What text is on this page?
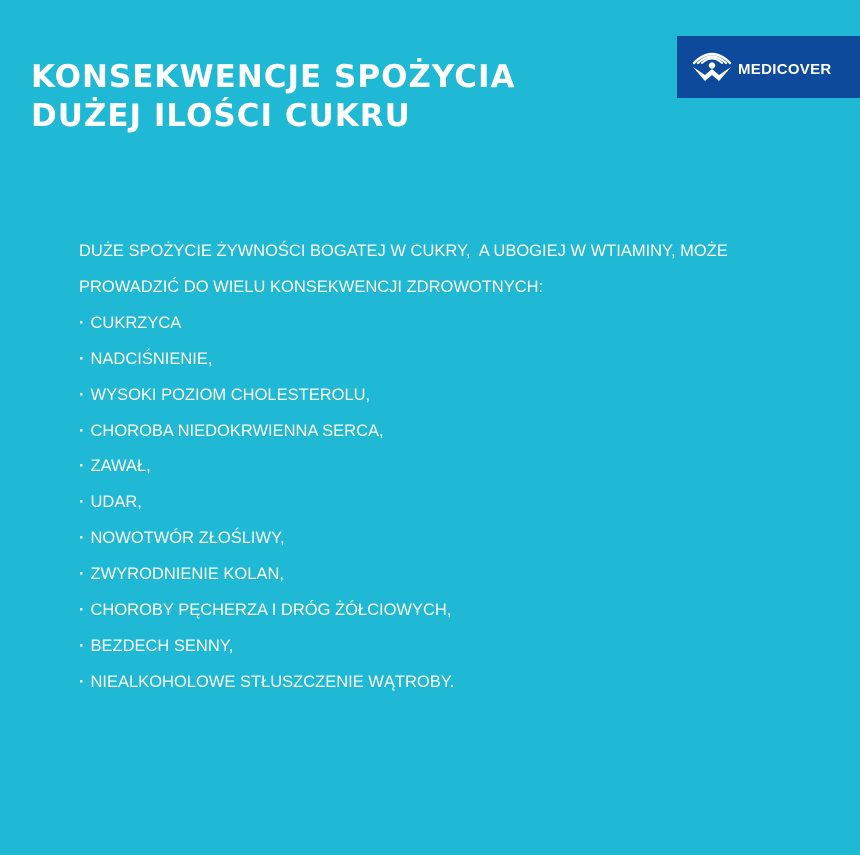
KONSEKWENCJE SPOŻYCIA
DUŻEJ ILOŚCI CUKRU
MEDICOVER

DUŻE SPOŻYCIE ŻYWNOŚCI BOGATEJ W CUKRY,  A UBOGIEJ W WTIAMINY, MOŻE

PROWADZIĆ DO WIELU KONSEKWENCJI ZDROWOTNYCH:

· CUKRZYCA
· NADCIŚNIENIE,
· WYSOKI POZIOM CHOLESTEROLU,
· CHOROBA NIEDOKRWIENNA SERCA,
· ZAWAŁ,
· UDAR,
· NOWOTWÓR ZŁOŚLIWY,
· ZWYRODNIENIE KOLAN,
· CHOROBY PĘCHERZA I DRÓG ŻÓŁCIOWYCH,
· BEZDECH SENNY,
· NIEALKOHOLOWE STŁUSZCZENIE WĄTROBY.
